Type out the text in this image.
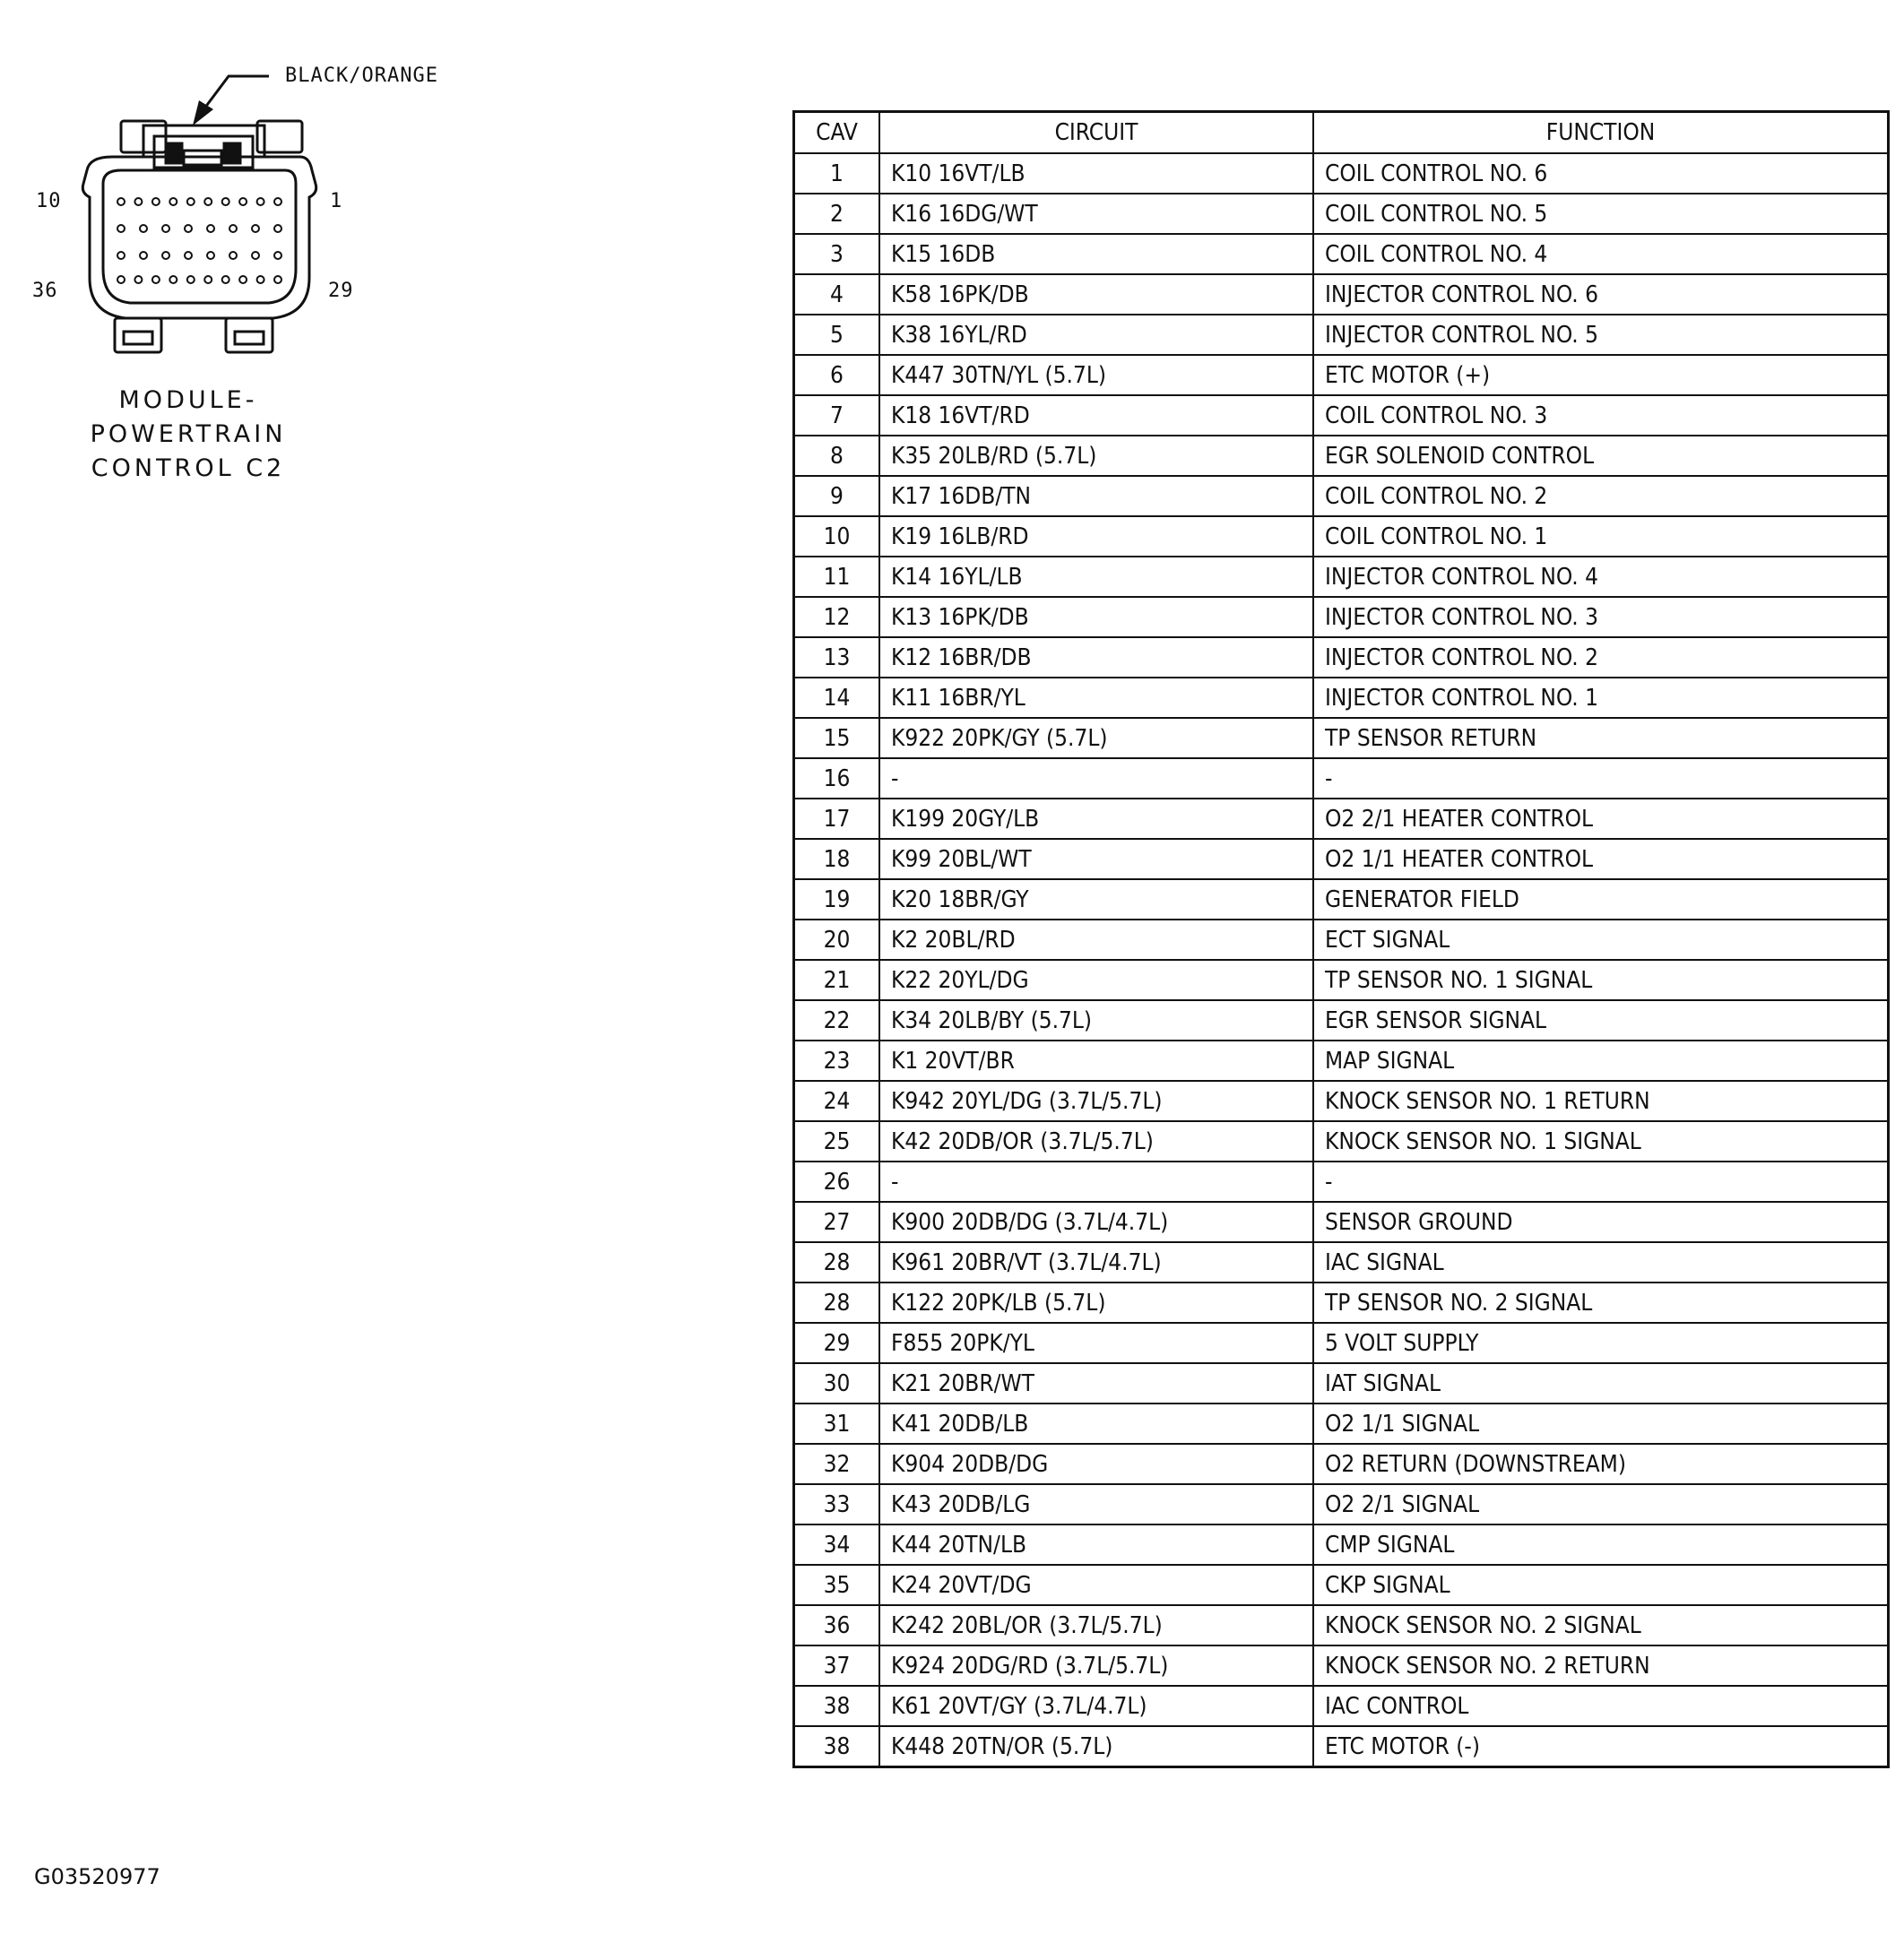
BLACK/ORANGE
10	1
36	29
MODULE-POWERTRAIN
CONTROL C2
CAV	CIRCUIT	FUNCTION
1	K10 16VT/LB	COIL CONTROL NO. 6
2	K16 16DG/WT	COIL CONTROL NO. 5
3	K15 16DB	COIL CONTROL NO. 4
4	K58 16PK/DB	INJECTOR CONTROL NO. 6
5	K38 16YL/RD	INJECTOR CONTROL NO. 5
6	K447 30TN/YL (5.7L)	ETC MOTOR (+)
7	K18 16VT/RD	COIL CONTROL NO. 3
8	K35 20LB/RD (5.7L)	EGR SOLENOID CONTROL
9	K17 16DB/TN	COIL CONTROL NO. 2
10	K19 16LB/RD	COIL CONTROL NO. 1
11	K14 16YL/LB	INJECTOR CONTROL NO. 4
12	K13 16PK/DB	INJECTOR CONTROL NO. 3
13	K12 16BR/DB	INJECTOR CONTROL NO. 2
14	K11 16BR/YL	INJECTOR CONTROL NO. 1
15	K922 20PK/GY (5.7L)	TP SENSOR RETURN
16	-	-
17	K199 20GY/LB	O2 2/1 HEATER CONTROL
18	K99 20BL/WT	O2 1/1 HEATER CONTROL
19	K20 18BR/GY	GENERATOR FIELD
20	K2 20BL/RD	ECT SIGNAL
21	K22 20YL/DG	TP SENSOR NO. 1 SIGNAL
22	K34 20LB/BY (5.7L)	EGR SENSOR SIGNAL
23	K1 20VT/BR	MAP SIGNAL
24	K942 20YL/DG (3.7L/5.7L)	KNOCK SENSOR NO. 1 RETURN
25	K42 20DB/OR (3.7L/5.7L)	KNOCK SENSOR NO. 1 SIGNAL
26	-	-
27	K900 20DB/DG (3.7L/4.7L)	SENSOR GROUND
28	K961 20BR/VT (3.7L/4.7L)	IAC SIGNAL
28	K122 20PK/LB (5.7L)	TP SENSOR NO. 2 SIGNAL
29	F855 20PK/YL	5 VOLT SUPPLY
30	K21 20BR/WT	IAT SIGNAL
31	K41 20DB/LB	O2 1/1 SIGNAL
32	K904 20DB/DG	O2 RETURN (DOWNSTREAM)
33	K43 20DB/LG	O2 2/1 SIGNAL
34	K44 20TN/LB	CMP SIGNAL
35	K24 20VT/DG	CKP SIGNAL
36	K242 20BL/OR (3.7L/5.7L)	KNOCK SENSOR NO. 2 SIGNAL
37	K924 20DG/RD (3.7L/5.7L)	KNOCK SENSOR NO. 2 RETURN
38	K61 20VT/GY (3.7L/4.7L)	IAC CONTROL
38	K448 20TN/OR (5.7L)	ETC MOTOR (-)
G03520977
